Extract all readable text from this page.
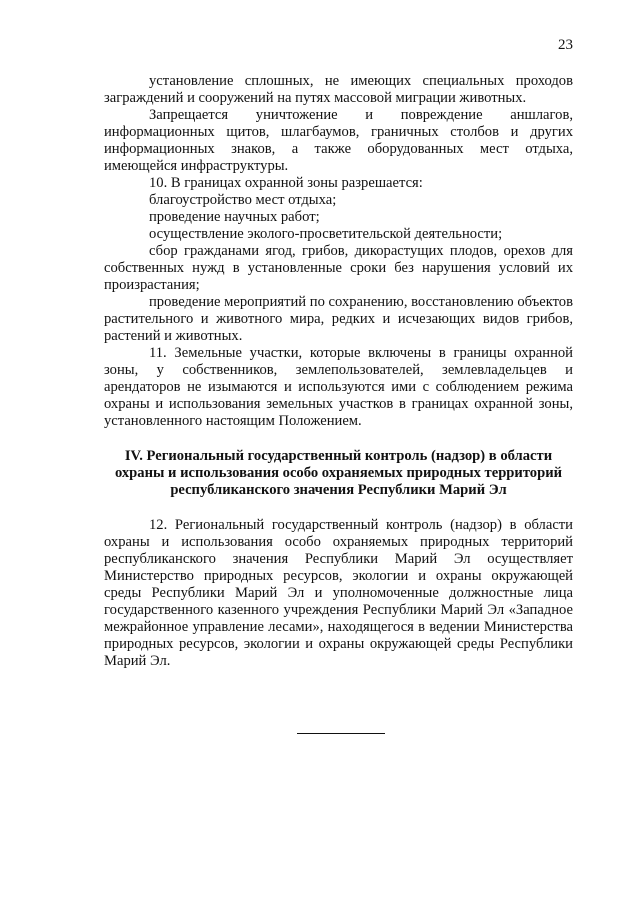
23

установление сплошных, не имеющих специальных проходов заграждений и сооружений на путях массовой миграции животных.

Запрещается уничтожение и повреждение аншлагов, информационных щитов, шлагбаумов, граничных столбов и других информационных знаков, а также оборудованных мест отдыха, имеющейся инфраструктуры.

10. В границах охранной зоны разрешается:

благоустройство мест отдыха;

проведение научных работ;

осуществление эколого-просветительской деятельности;

сбор гражданами ягод, грибов, дикорастущих плодов, орехов для собственных нужд в установленные сроки без нарушения условий их произрастания;

проведение мероприятий по сохранению, восстановлению объектов растительного и животного мира, редких и исчезающих видов грибов, растений и животных.

11. Земельные участки, которые включены в границы охранной зоны, у собственников, землепользователей, землевладельцев и арендаторов не изымаются и используются ими с соблюдением режима охраны и использования земельных участков в границах охранной зоны, установленного настоящим Положением.

IV. Региональный государственный контроль (надзор) в области
охраны и использования особо охраняемых природных территорий
республиканского значения Республики Марий Эл

12. Региональный государственный контроль (надзор) в области охраны и использования особо охраняемых природных территорий республиканского значения Республики Марий Эл осуществляет Министерство природных ресурсов, экологии и охраны окружающей среды Республики Марий Эл и уполномоченные должностные лица государственного казенного учреждения Республики Марий Эл «Западное межрайонное управление лесами», находящегося в ведении Министерства природных ресурсов, экологии и охраны окружающей среды Республики Марий Эл.
